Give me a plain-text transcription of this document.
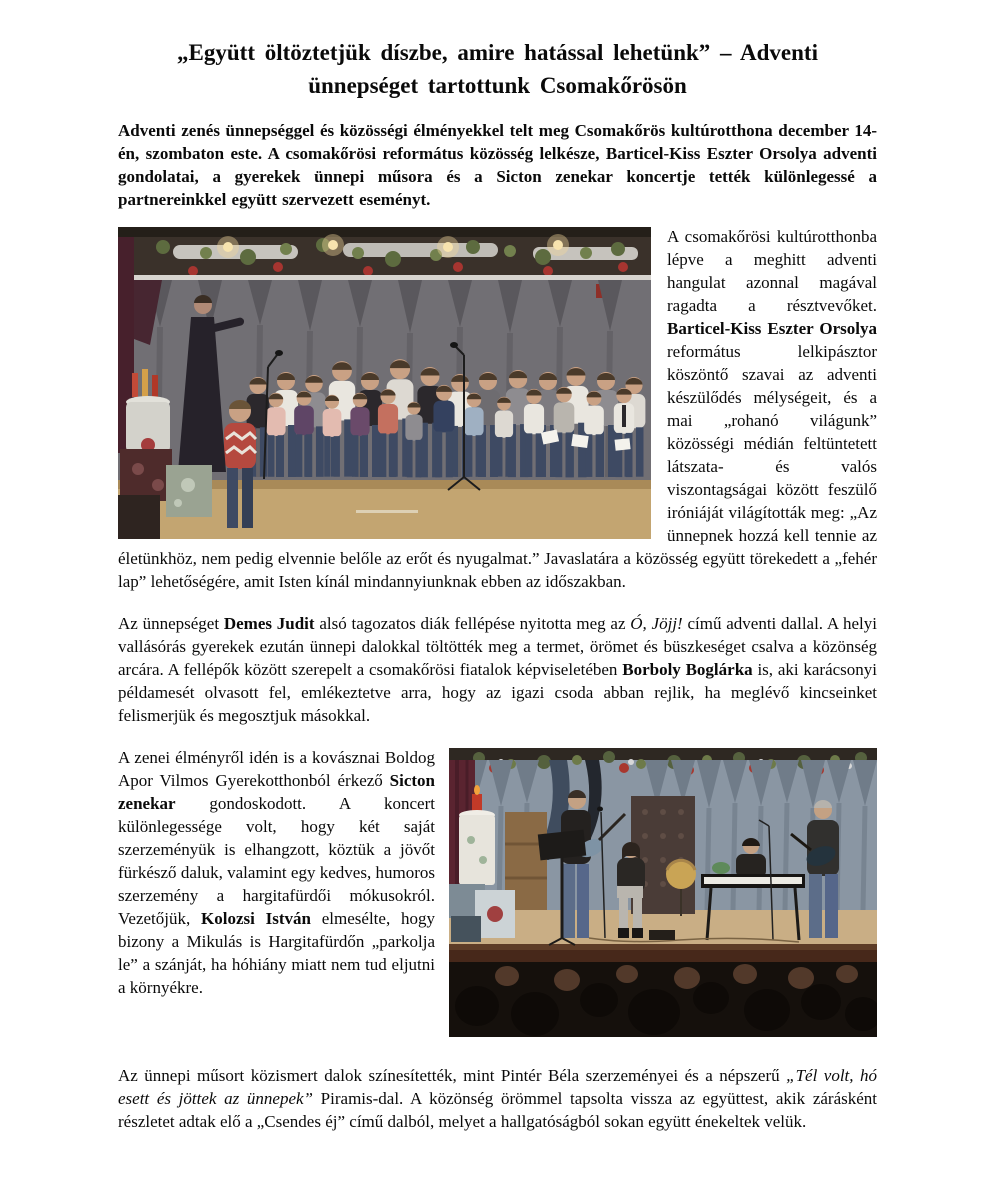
„Együtt öltöztetjük díszbe, amire hatással lehetünk” – Adventi ünnepséget tartottunk Csomakőrösön

Adventi zenés ünnepséggel és közösségi élményekkel telt meg Csomakőrös kultúrotthona december 14-én, szombaton este. A csomakőrösi református közösség lelkésze, Barticel-Kiss Eszter Orsolya adventi gondolatai, a gyerekek ünnepi műsora és a Sicton zenekar koncertje tették különlegessé a partnereinkkel együtt szervezett eseményt.

A csomakőrösi kultúrotthonba lépve a meghitt adventi hangulat azonnal magával ragadta a résztvevőket. Barticel-Kiss Eszter Orsolya református lelkipásztor köszöntő szavai az adventi készülődés mélységeit, és a mai „rohanó világunk” közösségi médián feltüntetett látszata- és valós viszontagságai között feszülő iróniáját világították meg: „Az ünnepnek hozzá kell tennie az életünkhöz, nem pedig elvennie belőle az erőt és nyugalmat.” Javaslatára a közösség együtt törekedett a „fehér lap” lehetőségére, amit Isten kínál mindannyiunknak ebben az időszakban.

Az ünnepséget Demes Judit alsó tagozatos diák fellépése nyitotta meg az Ó, Jöjj! című adventi dallal. A helyi vallásórás gyerekek ezután ünnepi dalokkal töltötték meg a termet, örömet és büszkeséget csalva a közönség arcára. A fellépők között szerepelt a csomakőrösi fiatalok képviseletében Borboly Boglárka is, aki karácsonyi példamesét olvasott fel, emlékeztetve arra, hogy az igazi csoda abban rejlik, ha meglévő kincseinket felismerjük és megosztjuk másokkal.

A zenei élményről idén is a kovásznai Boldog Apor Vilmos Gyerekotthonból érkező Sicton zenekar gondoskodott. A koncert különlegessége volt, hogy két saját szerzeményük is elhangzott, köztük a jövőt fürkésző daluk, valamint egy kedves, humoros szerzemény a hargitafürdői mókusokról. Vezetőjük, Kolozsi István elmesélte, hogy bizony a Mikulás is Hargitafürdőn „parkolja le” a szánját, ha hóhiány miatt nem tud eljutni a környékre.

Az ünnepi műsort közismert dalok színesítették, mint Pintér Béla szerzeményei és a népszerű „Tél volt, hó esett és jöttek az ünnepek” Piramis-dal. A közönség örömmel tapsolta vissza az együttest, akik zárásként részletet adtak elő a „Csendes éj” című dalból, melyet a hallgatóságból sokan együtt énekeltek velük.
